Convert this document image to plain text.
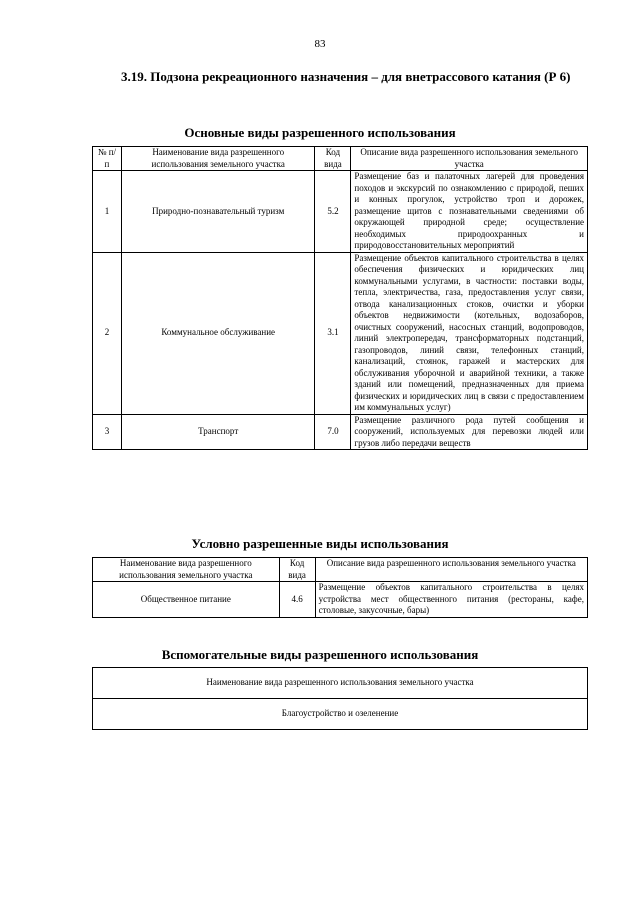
83
3.19. Подзона рекреационного назначения – для внетрассового катания (Р 6)
Основные виды разрешенного использования
№ п/п	Наименование вида разрешенного использования земельного участка	Код вида	Описание вида разрешенного использования земельного участка
1	Природно-познавательный туризм	5.2	Размещение баз и палаточных лагерей для проведения походов и экскурсий по ознакомлению с природой, пеших и конных прогулок, устройство троп и дорожек, размещение щитов с познавательными сведениями об окружающей природной среде; осуществление необходимых природоохранных и природовосстановительных мероприятий
2	Коммунальное обслуживание	3.1	Размещение объектов капитального строительства в целях обеспечения физических и юридических лиц коммунальными услугами, в частности: поставки воды, тепла, электричества, газа, предоставления услуг связи, отвода канализационных стоков, очистки и уборки объектов недвижимости (котельных, водозаборов, очистных сооружений, насосных станций, водопроводов, линий электропередач, трансформаторных подстанций, газопроводов, линий связи, телефонных станций, канализаций, стоянок, гаражей и мастерских для обслуживания уборочной и аварийной техники, а также зданий или помещений, предназначенных для приема физических и юридических лиц в связи с предоставлением им коммунальных услуг)
3	Транспорт	7.0	Размещение различного рода путей сообщения и сооружений, используемых для перевозки людей или грузов либо передачи веществ
Условно разрешенные виды использования
Наименование вида разрешенного использования земельного участка	Код вида	Описание вида разрешенного использования земельного участка
Общественное питание	4.6	Размещение объектов капитального строительства в целях устройства мест общественного питания (рестораны, кафе, столовые, закусочные, бары)
Вспомогательные виды разрешенного использования
Наименование вида разрешенного использования земельного участка
Благоустройство и озеленение
